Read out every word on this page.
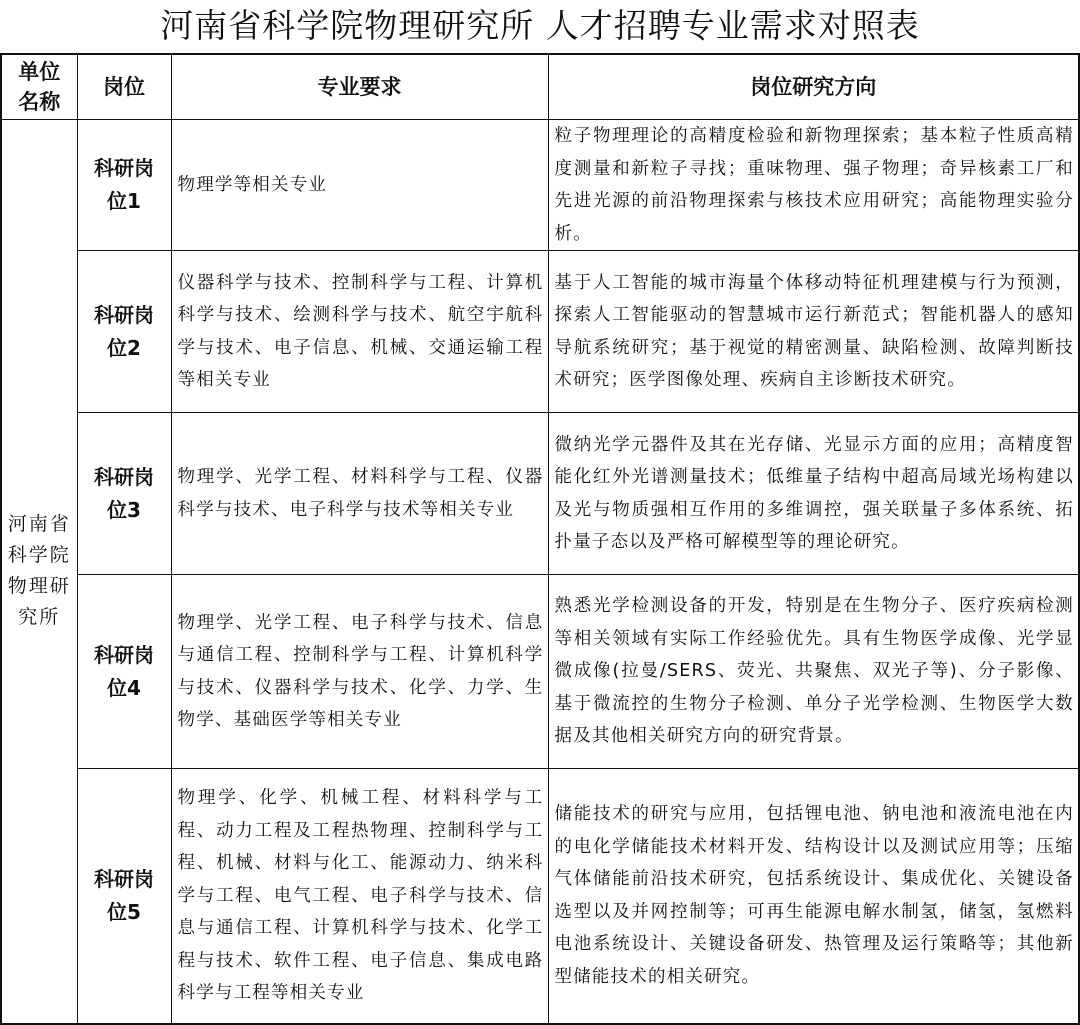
河南省科学院物理研究所 人才招聘专业需求对照表
单位名称	岗位	专业要求	岗位研究方向
河南省科学院物理研究所	科研岗位1	物理学等相关专业	粒子物理理论的高精度检验和新物理探索；基本粒子性质高精度测量和新粒子寻找；重味物理、强子物理；奇异核素工厂和先进光源的前沿物理探索与核技术应用研究；高能物理实验分析。

	科研岗位2	仪器科学与技术、控制科学与工程、计算机科学与技术、绘测科学与技术、航空宇航科学与技术、电子信息、机械、交通运输工程等相关专业	基于人工智能的城市海量个体移动特征机理建模与行为预测，探索人工智能驱动的智慧城市运行新范式；智能机器人的感知导航系统研究；基于视觉的精密测量、缺陷检测、故障判断技术研究；医学图像处理、疾病自主诊断技术研究。

	科研岗位3	物理学、光学工程、材料科学与工程、仪器科学与技术、电子科学与技术等相关专业	微纳光学元器件及其在光存储、光显示方面的应用；高精度智能化红外光谱测量技术；低维量子结构中超高局域光场构建以及光与物质强相互作用的多维调控，强关联量子多体系统、拓扑量子态以及严格可解模型等的理论研究。

	科研岗位4	物理学、光学工程、电子科学与技术、信息与通信工程、控制科学与工程、计算机科学与技术、仪器科学与技术、化学、力学、生物学、基础医学等相关专业	熟悉光学检测设备的开发，特别是在生物分子、医疗疾病检测等相关领域有实际工作经验优先。具有生物医学成像、光学显微成像(拉曼/SERS、荧光、共聚焦、双光子等)、分子影像、基于微流控的生物分子检测、单分子光学检测、生物医学大数据及其他相关研究方向的研究背景。

	科研岗位5	物理学、化学、机械工程、材料科学与工程、动力工程及工程热物理、控制科学与工程、机械、材料与化工、能源动力、纳米科学与工程、电气工程、电子科学与技术、信息与通信工程、计算机科学与技术、化学工程与技术、软件工程、电子信息、集成电路科学与工程等相关专业	储能技术的研究与应用，包括锂电池、钠电池和液流电池在内的电化学储能技术材料开发、结构设计以及测试应用等；压缩气体储能前沿技术研究，包括系统设计、集成优化、关键设备选型以及并网控制等；可再生能源电解水制氢，储氢，氢燃料电池系统设计、关键设备研发、热管理及运行策略等；其他新型储能技术的相关研究。
